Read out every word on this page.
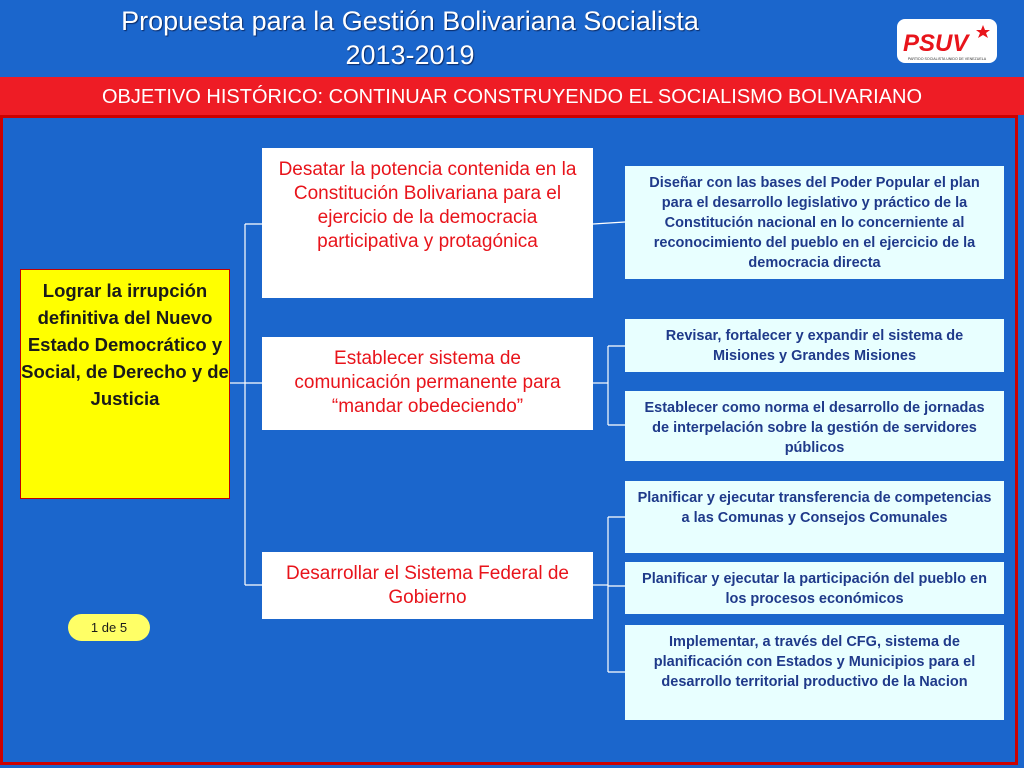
Propuesta para la Gestión Bolivariana Socialista
2013-2019	PSUV
PARTIDO SOCIALISTA UNIDO DE VENEZUELA
OBJETIVO HISTÓRICO: CONTINUAR CONSTRUYENDO EL SOCIALISMO BOLIVARIANO
Lograr la irrupción definitiva del Nuevo Estado Democrático y Social, de Derecho y de Justicia
Desatar la potencia contenida en la Constitución Bolivariana para el ejercicio de la democracia participativa y protagónica
Establecer sistema de comunicación permanente para “mandar obedeciendo”
Desarrollar el Sistema Federal de Gobierno
Diseñar con las bases del Poder Popular el plan para el desarrollo legislativo y práctico de la Constitución nacional en lo concerniente al reconocimiento del pueblo en el ejercicio de la democracia directa
Revisar, fortalecer y expandir el sistema de Misiones y Grandes Misiones
Establecer como norma el desarrollo de jornadas de interpelación sobre la gestión de servidores públicos
Planificar y ejecutar transferencia de competencias a las Comunas y Consejos Comunales
Planificar y ejecutar la participación del pueblo en los procesos económicos
Implementar, a través del CFG, sistema de planificación con Estados y Municipios para el desarrollo territorial productivo de la Nacion
1 de 5
